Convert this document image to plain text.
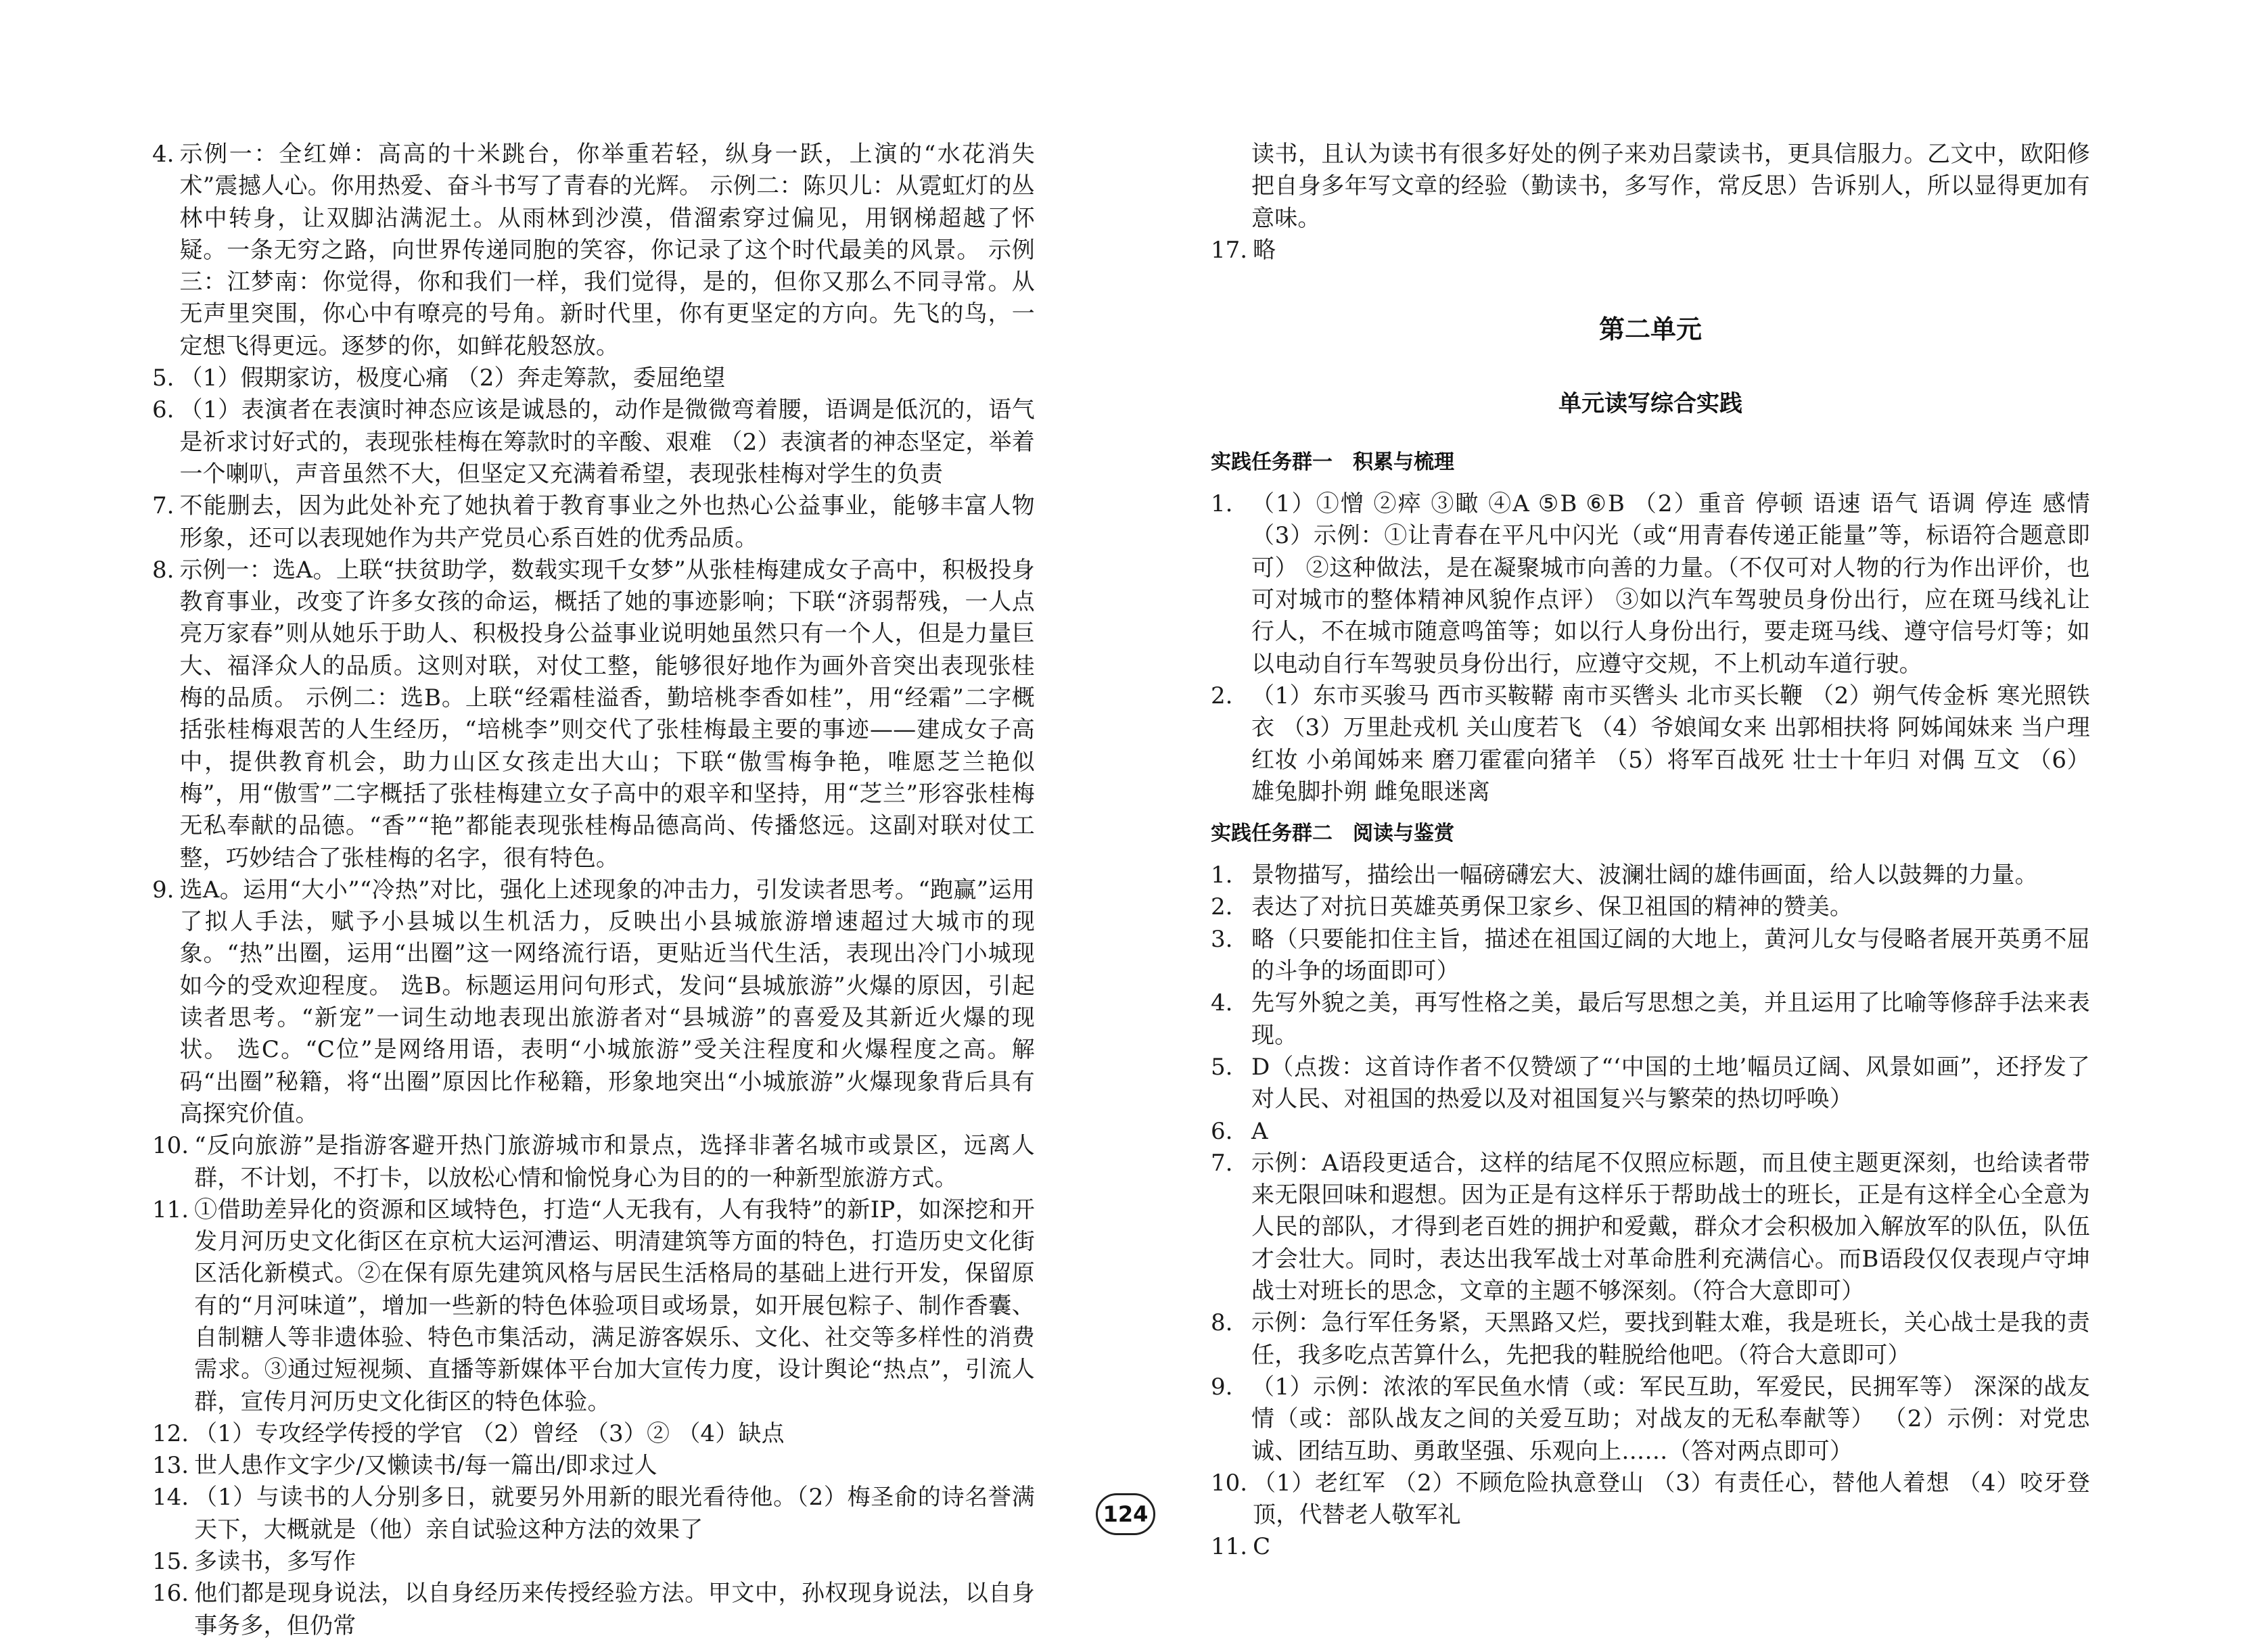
4. 示例一：全红婵：高高的十米跳台，你举重若轻，纵身一跃，上演的“水花消失术”震撼人心。你用热爱、奋斗书写了青春的光辉。 示例二：陈贝儿：从霓虹灯的丛林中转身，让双脚沾满泥土。从雨林到沙漠，借溜索穿过偏见，用钢梯超越了怀疑。一条无穷之路，向世界传递同胞的笑容，你记录了这个时代最美的风景。 示例三：江梦南：你觉得，你和我们一样，我们觉得，是的，但你又那么不同寻常。从无声里突围，你心中有嘹亮的号角。新时代里，你有更坚定的方向。先飞的鸟，一定想飞得更远。逐梦的你，如鲜花般怒放。
5. （1）假期家访，极度心痛 （2）奔走筹款，委屈绝望
6. （1）表演者在表演时神态应该是诚恳的，动作是微微弯着腰，语调是低沉的，语气是祈求讨好式的，表现张桂梅在筹款时的辛酸、艰难 （2）表演者的神态坚定，举着一个喇叭，声音虽然不大，但坚定又充满着希望，表现张桂梅对学生的负责
7. 不能删去，因为此处补充了她执着于教育事业之外也热心公益事业，能够丰富人物形象，还可以表现她作为共产党员心系百姓的优秀品质。
8. 示例一：选A。上联“扶贫助学，数载实现千女梦”从张桂梅建成女子高中，积极投身教育事业，改变了许多女孩的命运，概括了她的事迹影响；下联“济弱帮残，一人点亮万家春”则从她乐于助人、积极投身公益事业说明她虽然只有一个人，但是力量巨大、福泽众人的品质。这则对联，对仗工整，能够很好地作为画外音突出表现张桂梅的品质。 示例二：选B。上联“经霜桂溢香，勤培桃李香如桂”，用“经霜”二字概括张桂梅艰苦的人生经历，“培桃李”则交代了张桂梅最主要的事迹——建成女子高中，提供教育机会，助力山区女孩走出大山；下联“傲雪梅争艳，唯愿芝兰艳似梅”，用“傲雪”二字概括了张桂梅建立女子高中的艰辛和坚持，用“芝兰”形容张桂梅无私奉献的品德。“香”“艳”都能表现张桂梅品德高尚、传播悠远。这副对联对仗工整，巧妙结合了张桂梅的名字，很有特色。
9. 选A。运用“大小”“冷热”对比，强化上述现象的冲击力，引发读者思考。“跑赢”运用了拟人手法，赋予小县城以生机活力，反映出小县城旅游增速超过大城市的现象。“热”出圈，运用“出圈”这一网络流行语，更贴近当代生活，表现出冷门小城现如今的受欢迎程度。 选B。标题运用问句形式，发问“县城旅游”火爆的原因，引起读者思考。“新宠”一词生动地表现出旅游者对“县城游”的喜爱及其新近火爆的现状。 选C。“C位”是网络用语，表明“小城旅游”受关注程度和火爆程度之高。解码“出圈”秘籍，将“出圈”原因比作秘籍，形象地突出“小城旅游”火爆现象背后具有高探究价值。
10. “反向旅游”是指游客避开热门旅游城市和景点，选择非著名城市或景区，远离人群，不计划，不打卡，以放松心情和愉悦身心为目的的一种新型旅游方式。
11. ①借助差异化的资源和区域特色，打造“人无我有，人有我特”的新IP，如深挖和开发月河历史文化街区在京杭大运河漕运、明清建筑等方面的特色，打造历史文化街区活化新模式。②在保有原先建筑风格与居民生活格局的基础上进行开发，保留原有的“月河味道”，增加一些新的特色体验项目或场景，如开展包粽子、制作香囊、自制糖人等非遗体验、特色市集活动，满足游客娱乐、文化、社交等多样性的消费需求。③通过短视频、直播等新媒体平台加大宣传力度，设计舆论“热点”，引流人群，宣传月河历史文化街区的特色体验。
12. （1）专攻经学传授的学官 （2）曾经 （3）② （4）缺点
13. 世人患作文字少/又懒读书/每一篇出/即求过人
14. （1）与读书的人分别多日，就要另外用新的眼光看待他。（2）梅圣俞的诗名誉满天下，大概就是（他）亲自试验这种方法的效果了
15. 多读书，多写作
16. 他们都是现身说法，以自身经历来传授经验方法。甲文中，孙权现身说法，以自身事务多，但仍常
读书，且认为读书有很多好处的例子来劝吕蒙读书，更具信服力。乙文中，欧阳修把自身多年写文章的经验（勤读书，多写作，常反思）告诉别人，所以显得更加有意味。
17. 略
第二单元
单元读写综合实践
实践任务群一　积累与梳理
1. （1）①憎 ②瘁 ③瞰 ④A ⑤B ⑥B （2）重音 停顿 语速 语气 语调 停连 感情 （3）示例：①让青春在平凡中闪光（或“用青春传递正能量”等，标语符合题意即可） ②这种做法，是在凝聚城市向善的力量。（不仅可对人物的行为作出评价，也可对城市的整体精神风貌作点评） ③如以汽车驾驶员身份出行，应在斑马线礼让行人，不在城市随意鸣笛等；如以行人身份出行，要走斑马线、遵守信号灯等；如以电动自行车驾驶员身份出行，应遵守交规，不上机动车道行驶。
2. （1）东市买骏马 西市买鞍鞯 南市买辔头 北市买长鞭 （2）朔气传金柝 寒光照铁衣 （3）万里赴戎机 关山度若飞 （4）爷娘闻女来 出郭相扶将 阿姊闻妹来 当户理红妆 小弟闻姊来 磨刀霍霍向猪羊 （5）将军百战死 壮士十年归 对偶 互文 （6）雄兔脚扑朔 雌兔眼迷离
实践任务群二　阅读与鉴赏
1. 景物描写，描绘出一幅磅礴宏大、波澜壮阔的雄伟画面，给人以鼓舞的力量。
2. 表达了对抗日英雄英勇保卫家乡、保卫祖国的精神的赞美。
3. 略（只要能扣住主旨，描述在祖国辽阔的大地上，黄河儿女与侵略者展开英勇不屈的斗争的场面即可）
4. 先写外貌之美，再写性格之美，最后写思想之美，并且运用了比喻等修辞手法来表现。
5. D（点拨：这首诗作者不仅赞颂了“‘中国的土地’幅员辽阔、风景如画”，还抒发了对人民、对祖国的热爱以及对祖国复兴与繁荣的热切呼唤）
6. A
7. 示例：A语段更适合，这样的结尾不仅照应标题，而且使主题更深刻，也给读者带来无限回味和遐想。因为正是有这样乐于帮助战士的班长，正是有这样全心全意为人民的部队，才得到老百姓的拥护和爱戴，群众才会积极加入解放军的队伍，队伍才会壮大。同时，表达出我军战士对革命胜利充满信心。而B语段仅仅表现卢守坤战士对班长的思念，文章的主题不够深刻。（符合大意即可）
8. 示例：急行军任务紧，天黑路又烂，要找到鞋太难，我是班长，关心战士是我的责任，我多吃点苦算什么，先把我的鞋脱给他吧。（符合大意即可）
9. （1）示例：浓浓的军民鱼水情（或：军民互助，军爱民，民拥军等） 深深的战友情（或：部队战友之间的关爱互助；对战友的无私奉献等） （2）示例：对党忠诚、团结互助、勇敢坚强、乐观向上……（答对两点即可）
10. （1）老红军 （2）不顾危险执意登山 （3）有责任心，替他人着想 （4）咬牙登顶，代替老人敬军礼
11. C
124
